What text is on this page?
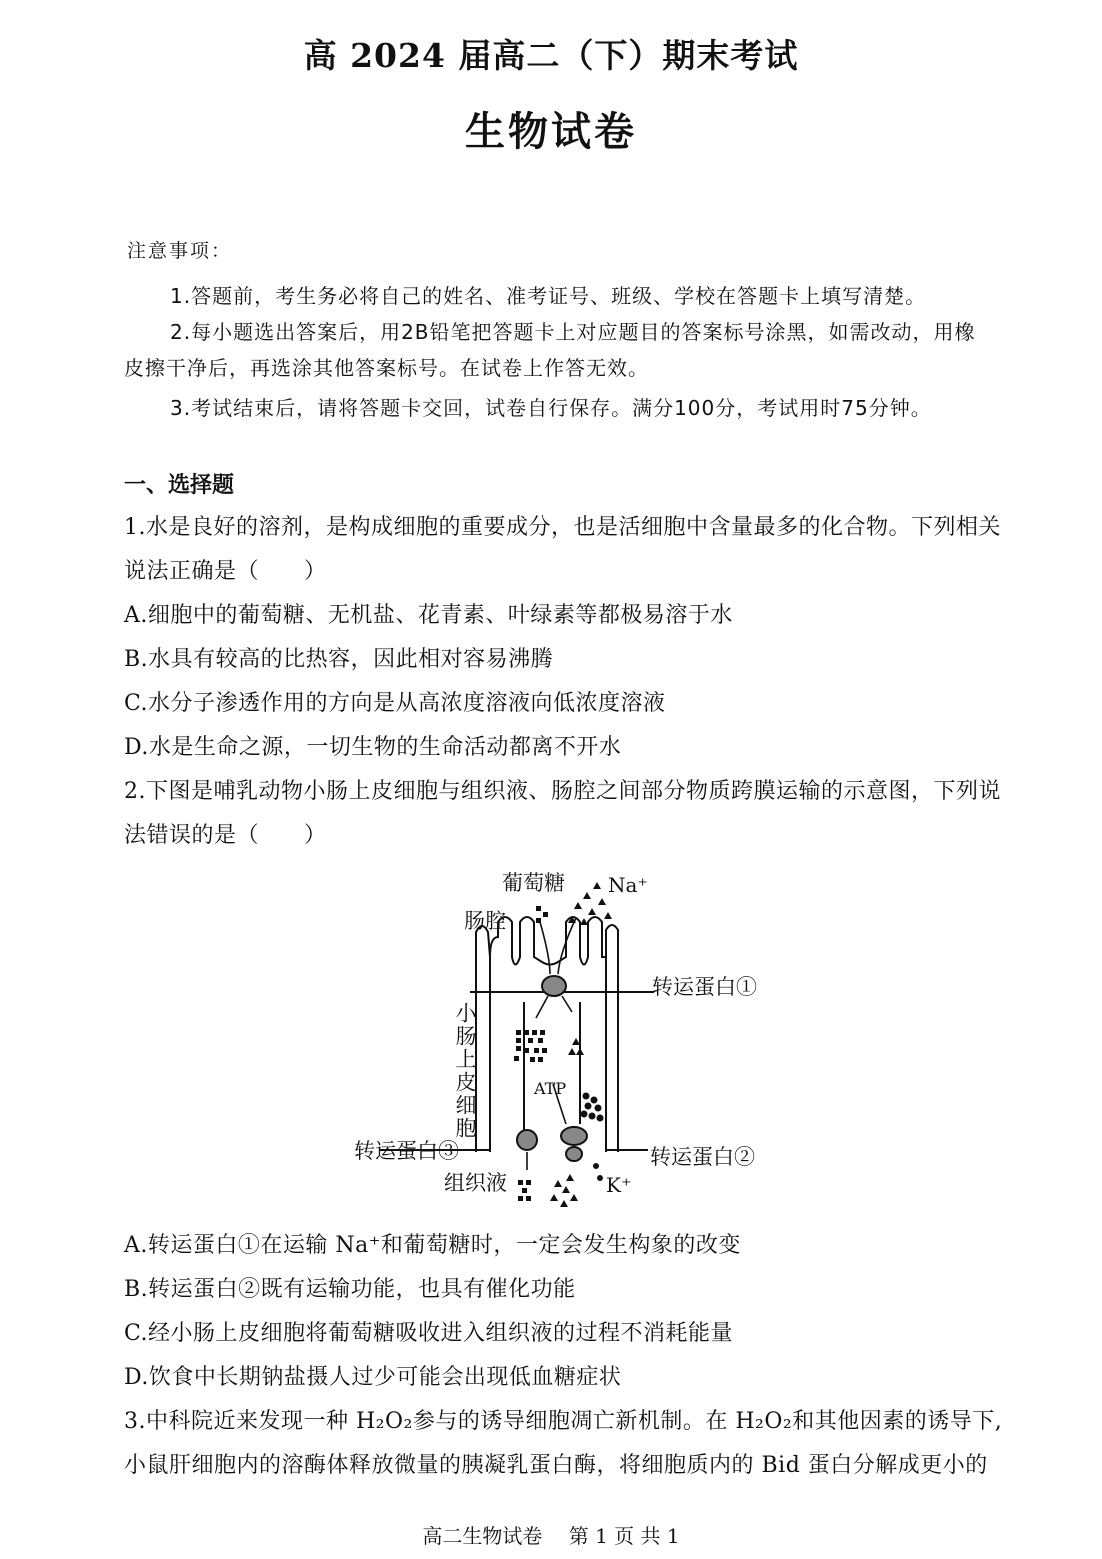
高 2024 届高二（下）期末考试
生物试卷
注意事项：
1.答题前，考生务必将自己的姓名、准考证号、班级、学校在答题卡上填写清楚。
2.每小题选出答案后，用2B铅笔把答题卡上对应题目的答案标号涂黑，如需改动，用橡
皮擦干净后，再选涂其他答案标号。在试卷上作答无效。
3.考试结束后，请将答题卡交回，试卷自行保存。满分100分，考试用时75分钟。
一、选择题
1.水是良好的溶剂，是构成细胞的重要成分，也是活细胞中含量最多的化合物。下列相关
说法正确是（　　）
A.细胞中的葡萄糖、无机盐、花青素、叶绿素等都极易溶于水
B.水具有较高的比热容，因此相对容易沸腾
C.水分子渗透作用的方向是从高浓度溶液向低浓度溶液
D.水是生命之源，一切生物的生命活动都离不开水
2.下图是哺乳动物小肠上皮细胞与组织液、肠腔之间部分物质跨膜运输的示意图，下列说
法错误的是（　　）
葡萄糖 Na⁺
肠腔
转运蛋白①
转运蛋白②
转运蛋白③
ATP
组织液	K⁺
小肠上皮细胞
A.转运蛋白①在运输 Na⁺和葡萄糖时，一定会发生构象的改变
B.转运蛋白②既有运输功能，也具有催化功能
C.经小肠上皮细胞将葡萄糖吸收进入组织液的过程不消耗能量
D.饮食中长期钠盐摄人过少可能会出现低血糖症状
3.中科院近来发现一种 H₂O₂参与的诱导细胞凋亡新机制。在 H₂O₂和其他因素的诱导下,
小鼠肝细胞内的溶酶体释放微量的胰凝乳蛋白酶，将细胞质内的 Bid 蛋白分解成更小的
高二生物试卷　 第 1 页 共 1
